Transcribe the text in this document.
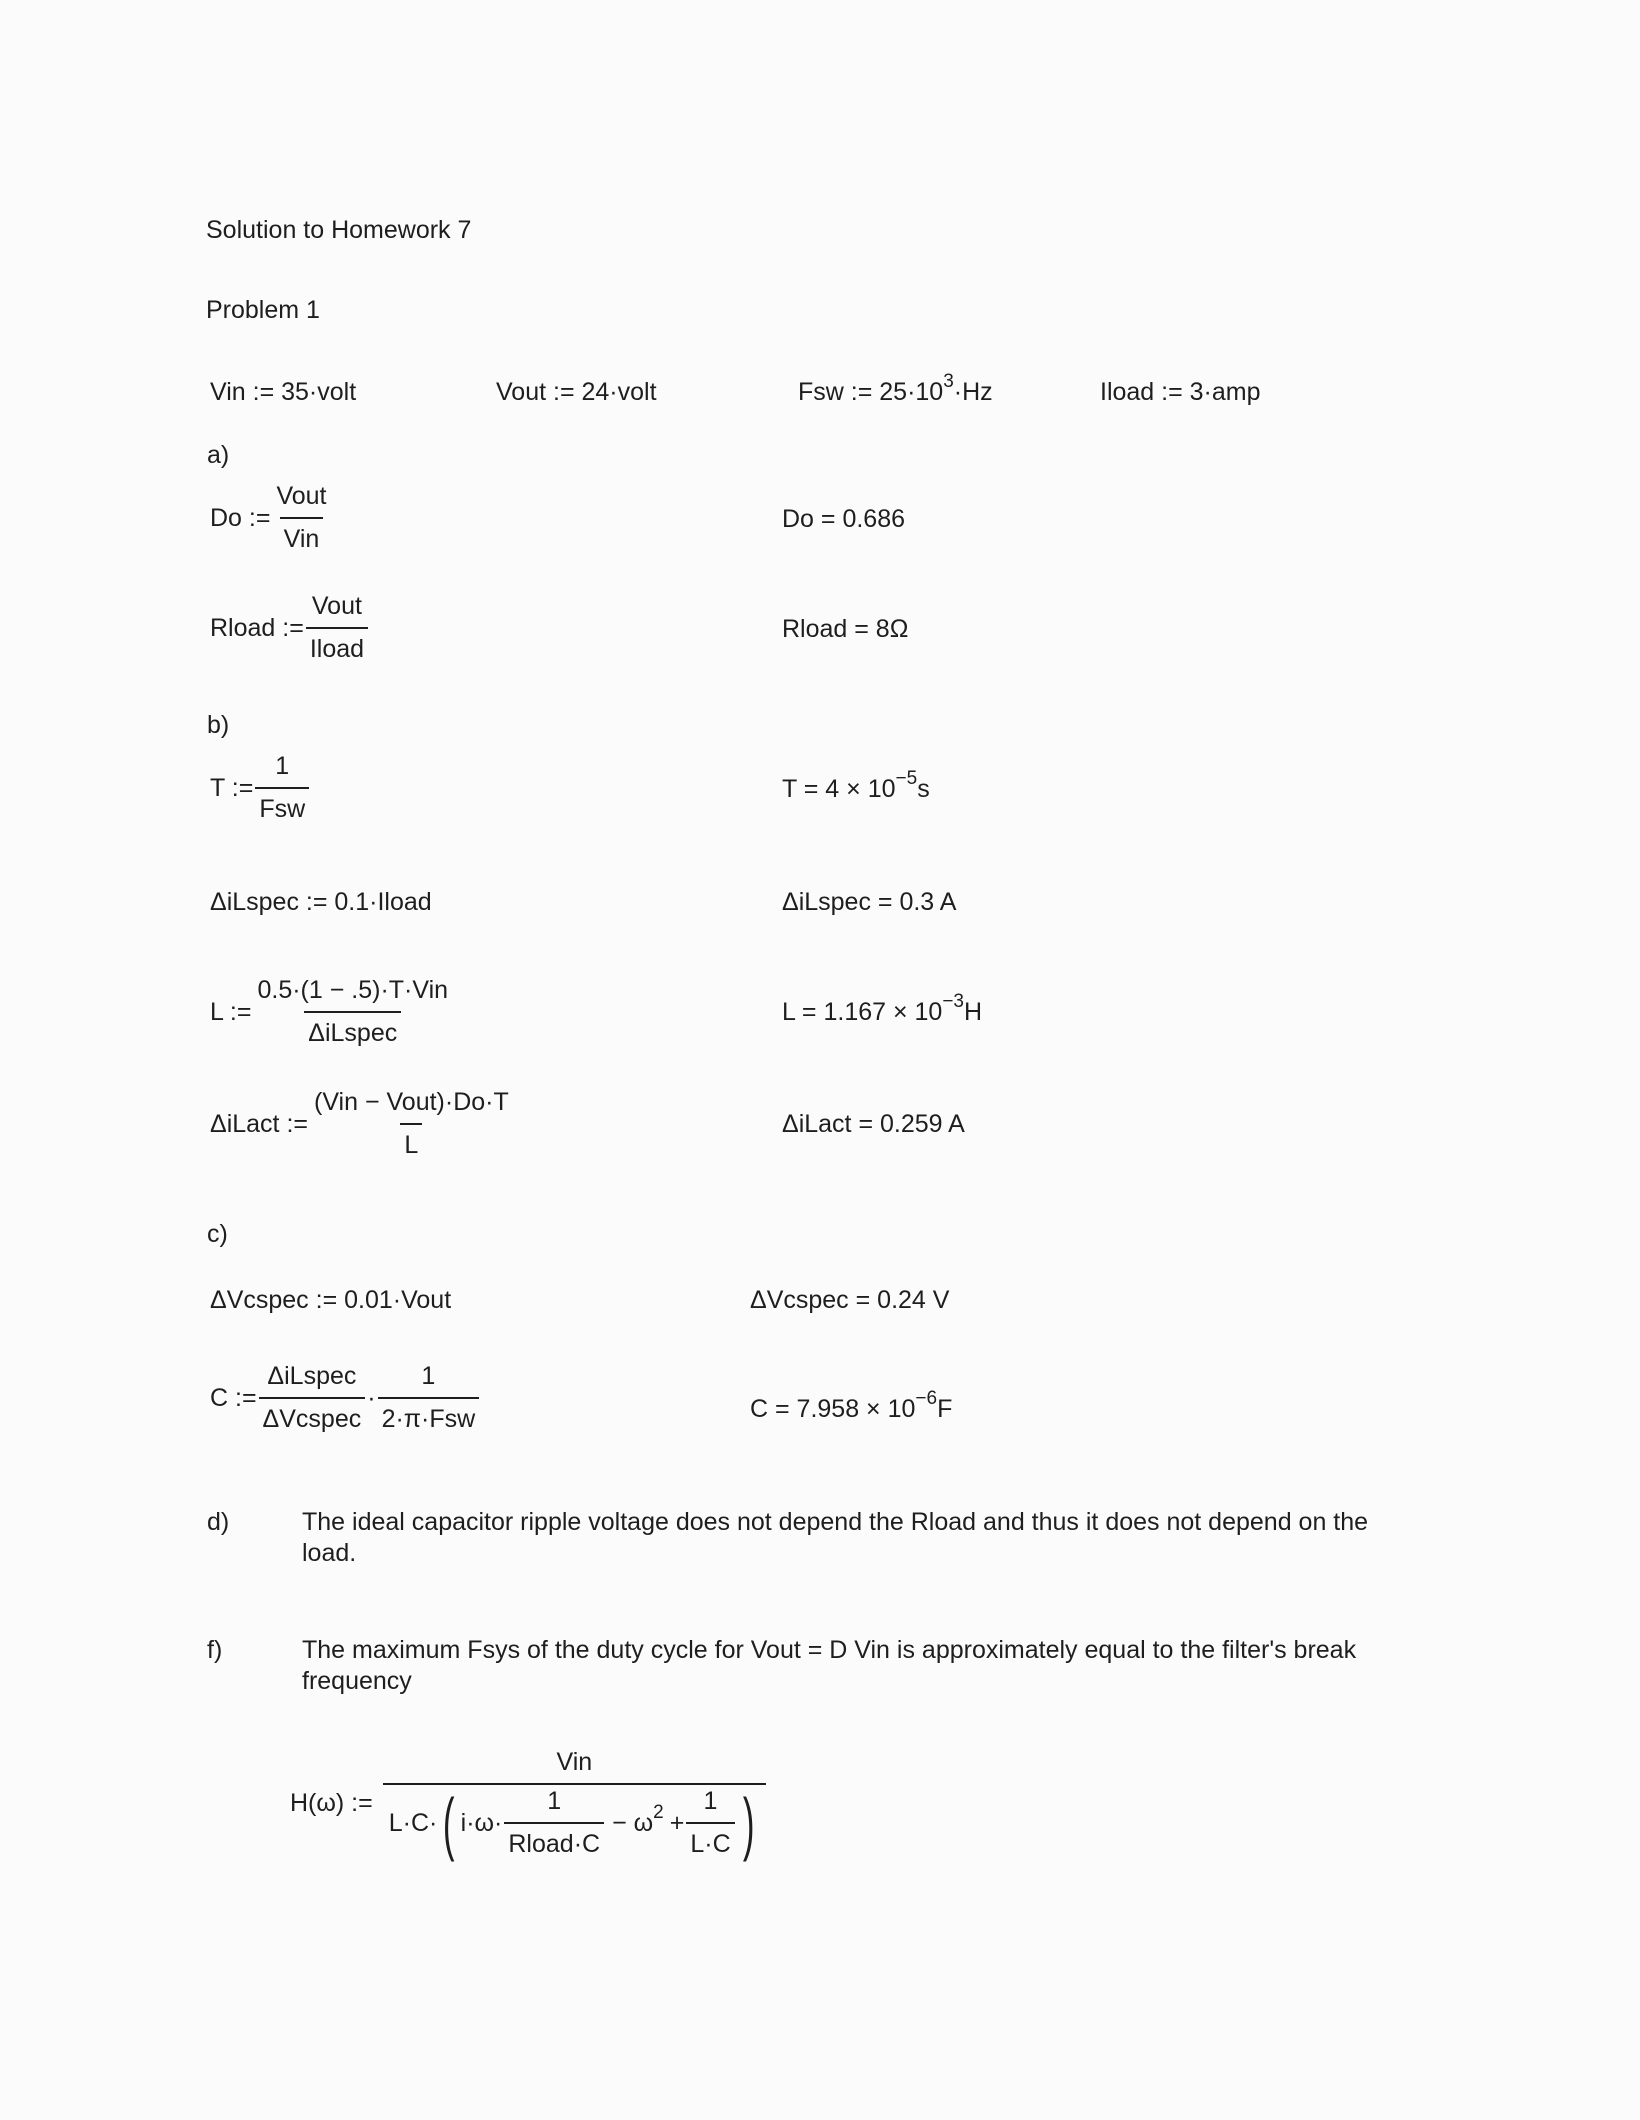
Solution to Homework 7
Problem 1
Vin := 35·volt	Vout := 24·volt	Fsw := $25\cdot 10^3\cdot Hz$	Iload := 3·amp
a)
Do := $\frac{\text{Vout}}{\text{Vin}}$	Do = 0.686
Rload := $\frac{\text{Vout}}{\text{Iload}}$	Rload = 8Ω
b)
T := $\frac{1}{\text{Fsw}}$	$T = 4 \times 10^{-5}s$
ΔiLspec := 0.1·Iload	ΔiLspec = 0.3 A
L := $\frac{\text{0.5·(1 − .5)·T·Vin}}{\text{ΔiLspec}}$	$L = 1.167 \times 10^{-3}H$
ΔiLact := $\frac{\text{(Vin − Vout)·Do·T}}{L}$	ΔiLact = 0.259 A
c)
ΔVcspec := 0.01·Vout	ΔVcspec = 0.24 V
C := $\frac{\text{ΔiLspec}}{\text{ΔVcspec}} \cdot \frac{1}{\text{2·π·Fsw}}$	$C = 7.958 \times 10^{-6}F$
d)	The ideal capacitor ripple voltage does not depend the Rload and thus it does not depend on the load.
f)	The maximum Fsys of the duty cycle for Vout = D Vin is approximately equal to the filter's break frequency
H(ω) :=
Vin
L·C· ( $i\cdot\omega\cdot \frac{1}{\text{Rload·C}} - \omega^2 + \frac{1}{L\cdot C}$ )
